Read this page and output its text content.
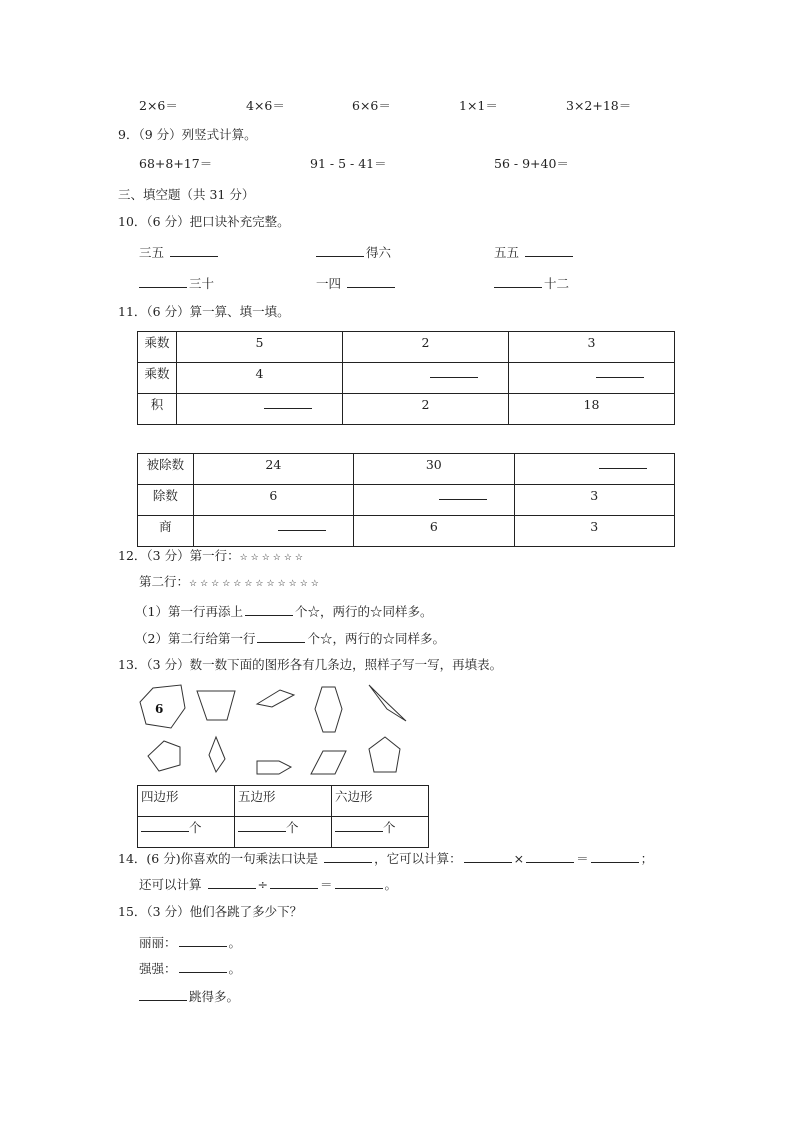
2×6＝	4×6＝	6×6＝	1×1＝	3×2+18＝
9．（9 分）列竖式计算。
68+8+17＝	91 - 5 - 41＝	56 - 9+40＝
三、填空题（共 31 分）
10．（6 分）把口诀补充完整。
三五	得六	五五
三十	一四	十二
11．（6 分）算一算、填一填。
乘数	5	2	3
乘数	4		
积		2	18
被除数	24	30	
除数	6		3
商		6	3
12．（3 分）第一行：☆☆☆☆☆☆
第二行：☆☆☆☆☆☆☆☆☆☆☆☆
（1）第一行再添上	个☆，两行的☆同样多。
（2）第二行给第一行	个☆，两行的☆同样多。
13．（3 分）数一数下面的图形各有几条边，照样子写一写，再填表。
6
四边形	五边形	六边形
个	个	个
14．(6 分)你喜欢的一句乘法口诀是	，它可以计算：	×	＝	；
还可以计算	÷	＝	。
15．（3 分）他们各跳了多少下？
丽丽：	。
强强：	。
跳得多。
